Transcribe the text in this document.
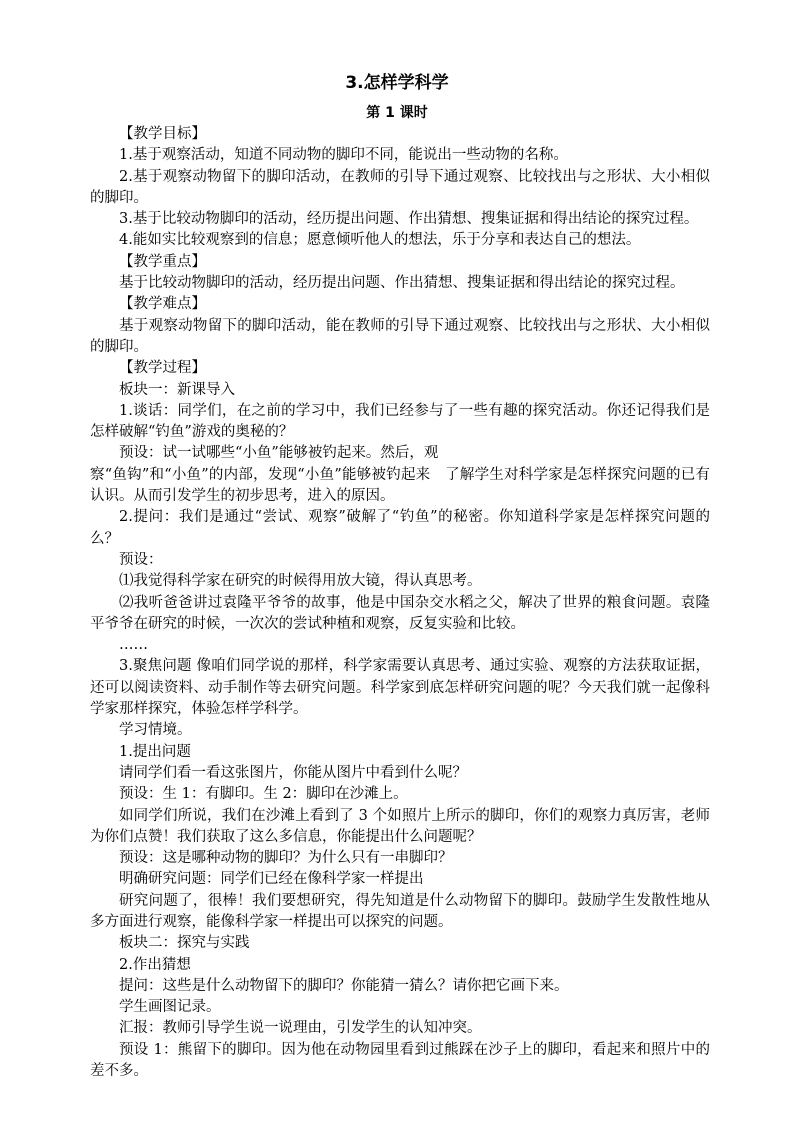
3.怎样学科学
第 1 课时

【教学目标】

1.基于观察活动，知道不同动物的脚印不同，能说出一些动物的名称。

2.基于观察动物留下的脚印活动，在教师的引导下通过观察、比较找出与之形状、大小相似的脚印。

3.基于比较动物脚印的活动，经历提出问题、作出猜想、搜集证据和得出结论的探究过程。

4.能如实比较观察到的信息；愿意倾听他人的想法，乐于分享和表达自己的想法。

【教学重点】

基于比较动物脚印的活动，经历提出问题、作出猜想、搜集证据和得出结论的探究过程。

【教学难点】

基于观察动物留下的脚印活动，能在教师的引导下通过观察、比较找出与之形状、大小相似的脚印。

【教学过程】

板块一：新课导入

1.谈话：同学们，在之前的学习中，我们已经参与了一些有趣的探究活动。你还记得我们是怎样破解“钓鱼”游戏的奥秘的？

预设：试一试哪些“小鱼”能够被钓起来。然后，观

察“鱼钩”和“小鱼”的内部，发现“小鱼”能够被钓起来　了解学生对科学家是怎样探究问题的已有认识。从而引发学生的初步思考，进入的原因。

2.提问：我们是通过“尝试、观察”破解了“钓鱼”的秘密。你知道科学家是怎样探究问题的么？

预设：

⑴我觉得科学家在研究的时候得用放大镜，得认真思考。

⑵我听爸爸讲过袁隆平爷爷的故事，他是中国杂交水稻之父，解决了世界的粮食问题。袁隆平爷爷在研究的时候，一次次的尝试种植和观察，反复实验和比较。

……

3.聚焦问题 像咱们同学说的那样，科学家需要认真思考、通过实验、观察的方法获取证据，还可以阅读资料、动手制作等去研究问题。科学家到底怎样研究问题的呢？今天我们就一起像科学家那样探究，体验怎样学科学。

学习情境。

1.提出问题

请同学们看一看这张图片，你能从图片中看到什么呢？

预设：生 1：有脚印。生 2：脚印在沙滩上。

如同学们所说，我们在沙滩上看到了 3 个如照片上所示的脚印，你们的观察力真厉害，老师为你们点赞！我们获取了这么多信息，你能提出什么问题呢？

预设：这是哪种动物的脚印？为什么只有一串脚印？

明确研究问题：同学们已经在像科学家一样提出

研究问题了，很棒！我们要想研究，得先知道是什么动物留下的脚印。鼓励学生发散性地从多方面进行观察，能像科学家一样提出可以探究的问题。

板块二：探究与实践

2.作出猜想

提问：这些是什么动物留下的脚印？你能猜一猜么？请你把它画下来。

学生画图记录。

汇报：教师引导学生说一说理由，引发学生的认知冲突。

预设 1：熊留下的脚印。因为他在动物园里看到过熊踩在沙子上的脚印，看起来和照片中的差不多。
